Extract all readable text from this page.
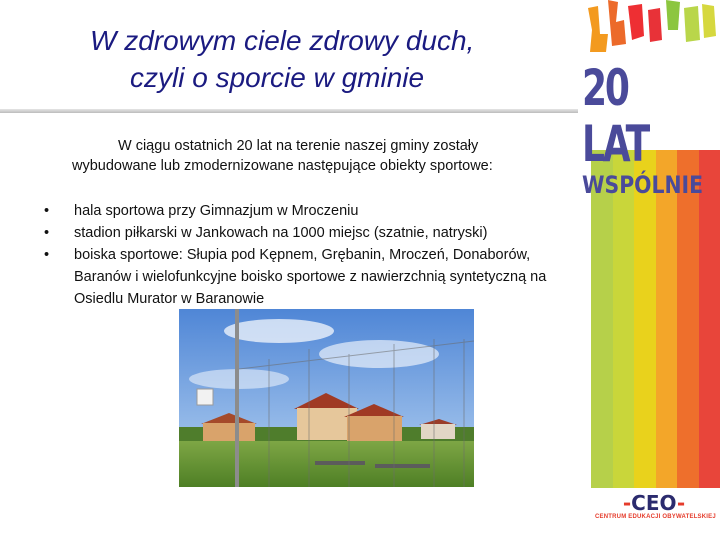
W zdrowym ciele zdrowy duch,
czyli o sporcie w gminie
W ciągu ostatnich 20 lat na terenie naszej gminy zostały
wybudowane lub zmodernizowane następujące obiekty sportowe:
• hala sportowa przy Gimnazjum w Mroczeniu
• stadion piłkarski w Jankowach na 1000 miejsc (szatnie, natryski)
• boiska sportowe: Słupia pod Kępnem, Grębanin, Mroczeń, Donaborów, Baranów i wielofunkcyjne boisko sportowe z nawierzchnią syntetyczną na Osiedlu Murator w Baranowie
20 LAT
WSPÓLNIE
-CEO-
CENTRUM EDUKACJI OBYWATELSKIEJ
